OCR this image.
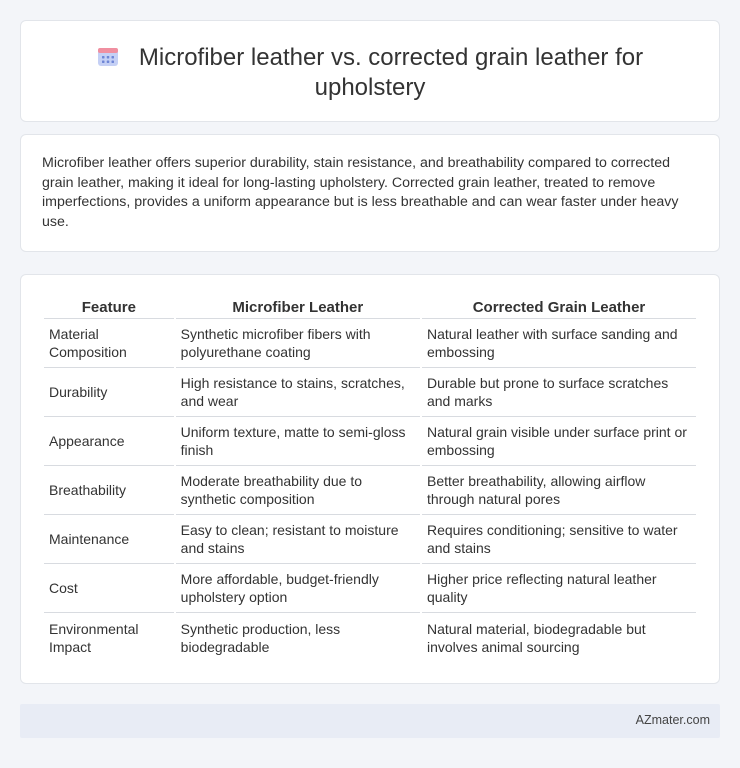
Microfiber leather vs. corrected grain leather for upholstery

Microfiber leather offers superior durability, stain resistance, and breathability compared to corrected grain leather, making it ideal for long-lasting upholstery. Corrected grain leather, treated to remove imperfections, provides a uniform appearance but is less breathable and can wear faster under heavy use.

Feature	Microfiber Leather	Corrected Grain Leather
Material Composition	Synthetic microfiber fibers with polyurethane coating	Natural leather with surface sanding and embossing
Durability	High resistance to stains, scratches, and wear	Durable but prone to surface scratches and marks
Appearance	Uniform texture, matte to semi-gloss finish	Natural grain visible under surface print or embossing
Breathability	Moderate breathability due to synthetic composition	Better breathability, allowing airflow through natural pores
Maintenance	Easy to clean; resistant to moisture and stains	Requires conditioning; sensitive to water and stains
Cost	More affordable, budget-friendly upholstery option	Higher price reflecting natural leather quality
Environmental Impact	Synthetic production, less biodegradable	Natural material, biodegradable but involves animal sourcing
AZmater.com
